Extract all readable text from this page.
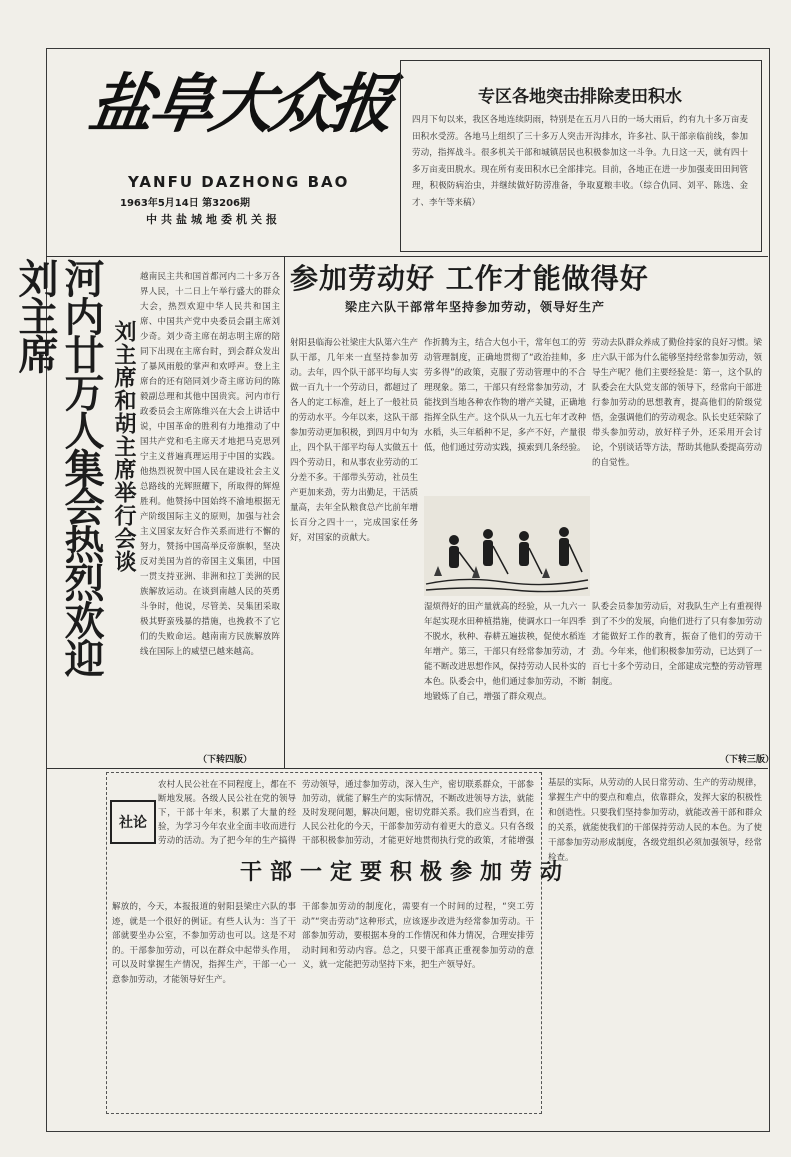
盐阜大众报
YANFU DAZHONG BAO
1963年5月14日 第3206期
中共盐城地委机关报
专区各地突击排除麦田积水
四月下旬以来，我区各地连续阴雨，特别是在五月八日的一场大雨后，约有九十多万亩麦田积水受涝。各地马上组织了三十多万人突击开沟排水，许多社、队干部亲临前线，参加劳动，指挥战斗。很多机关干部和城镇居民也积极参加这一斗争。九日这一天，就有四十多万亩麦田脱水。现在所有麦田积水已全部排完。目前，各地正在进一步加强麦田田间管理，积极防病治虫，并继续做好防涝准备，争取夏粮丰收。（综合仇同、刘平、陈选、金才、李午等来稿）
河内廿万人集会热烈欢迎刘主席
刘主席和胡主席举行会谈
越南民主共和国首都河内二十多万各界人民，十二日上午举行盛大的群众大会，热烈欢迎中华人民共和国主席、中国共产党中央委员会副主席刘少奇。刘少奇主席在胡志明主席的陪同下出现在主席台时，到会群众发出了暴风雨般的掌声和欢呼声。登上主席台的还有陪同刘少奇主席访问的陈毅副总理和其他中国贵宾。河内市行政委员会主席陈维兴在大会上讲话中说，中国革命的胜利有力地推动了中国共产党和毛主席天才地把马克思列宁主义普遍真理运用于中国的实践。他热烈祝贺中国人民在建设社会主义总路线的光辉照耀下，所取得的辉煌胜利。他赞扬中国始终不渝地根据无产阶级国际主义的原则，加强与社会主义国家友好合作关系而进行不懈的努力，赞扬中国高举反帝旗帜，坚决反对美国为首的帝国主义集团，中国一贯支持亚洲、非洲和拉丁美洲的民族解放运动。在谈到南越人民的英勇斗争时，他说，尽管美、吴集团采取极其野蛮残暴的措施，也挽救不了它们的失败命运。越南南方民族解放阵线在国际上的威望已越来越高。
（下转四版）
参加劳动好 工作才能做得好
梁庄六队干部常年坚持参加劳动，领导好生产
射阳县临海公社梁庄大队第六生产队干部，几年来一直坚持参加劳动。去年，四个队干部平均每人实做一百九十一个劳动日，都超过了各人的定工标准，赶上了一般社员的劳动水平。今年以来，这队干部参加劳动更加积极，到四月中旬为止，四个队干部平均每人实做五十四个劳动日，和从事农业劳动的工分差不多。干部带头劳动，社员生产更加来劲，劳力出勤足，干活质量高，去年全队粮食总产比前年增长百分之四十一，完成国家任务好，对国家的贡献大。
作折腾为主，结合大包小干，常年包工的劳动管理制度，正确地贯彻了“政治挂帅，多劳多得”的政策，克服了劳动管理中的不合理现象。第二，干部只有经常参加劳动，才能找到当地各种农作物的增产关键，正确地指挥全队生产。这个队从一九五七年才改种水稻，头三年稻种不足，多产不好，产量很低，他们通过劳动实践，摸索到几条经验。
劳动去队群众养成了勤俭持家的良好习惯。梁庄六队干部为什么能够坚持经常参加劳动，领导生产呢？他们主要经验是：第一，这个队的队委会在大队党支部的领导下，经常向干部进行参加劳动的思想教育，提高他们的阶级觉悟，金强调他们的劳动观念。队长史廷荣除了带头参加劳动，放好样子外，还采用开会讨论，个别谈话等方法，帮助其他队委提高劳动的自觉性。
湿烦得好的田产量就高的经验，从一九六一年起实现水田种植措施，使调水口一年四季不脱水，秋种、春耕五遍拔秧，促使水稻连年增产。第三，干部只有经常参加劳动，才能不断改进思想作风，保持劳动人民朴实的本色。队委会中，他们通过参加劳动，不断地锻炼了自己，增强了群众观点。
队委会员参加劳动后，对我队生产上有重视得到了不少的发展，向他们进行了只有参加劳动才能做好工作的教育，振奋了他们的劳动干劲。今年来，他们积极参加劳动，已达到了一百七十多个劳动日，全部建成完整的劳动管理制度。
（下转三版）
社论
农村人民公社在不同程度上，都在不断地发展。各级人民公社在党的领导下，干部十年来，积累了大量的经验，为学习今年农业全面丰收而进行劳动的活动。为了把今年的生产搞得
劳动领导，通过参加劳动，深入生产，密切联系群众，干部参加劳动，就能了解生产的实际情况，不断改进领导方法，就能及时发现问题，解决问题，密切党群关系。我们应当看到，在人民公社化的今天，干部参加劳动有着更大的意义。只有各级干部积极参加劳动，才能更好地贯彻执行党的政策，才能增强
干部一定要积极参加劳动
解放的，今天，本报报道的射阳县梁庄六队的事迹，就是一个很好的例证。有些人认为：当了干部就要坐办公室，不参加劳动也可以。这是不对的。干部参加劳动，可以在群众中起带头作用，可以及时掌握生产情况，指挥生产，干部一心一意参加劳动，才能领导好生产。
干部参加劳动的制度化，需要有一个时间的过程，“突工劳动”“突击劳动”这种形式，应该逐步改进为经常参加劳动。干部参加劳动，要根据本身的工作情况和体力情况，合理安排劳动时间和劳动内容。总之，只要干部真正重视参加劳动的意义，就一定能把劳动坚持下来，把生产领导好。
基层的实际，从劳动的人民日常劳动、生产的劳动规律，掌握生产中的要点和难点，依靠群众，发挥大家的积极性和创造性。只要我们坚持参加劳动，就能改善干部和群众的关系，就能使我们的干部保持劳动人民的本色。为了使干部参加劳动形成制度，各级党组织必须加强领导，经常检查。
